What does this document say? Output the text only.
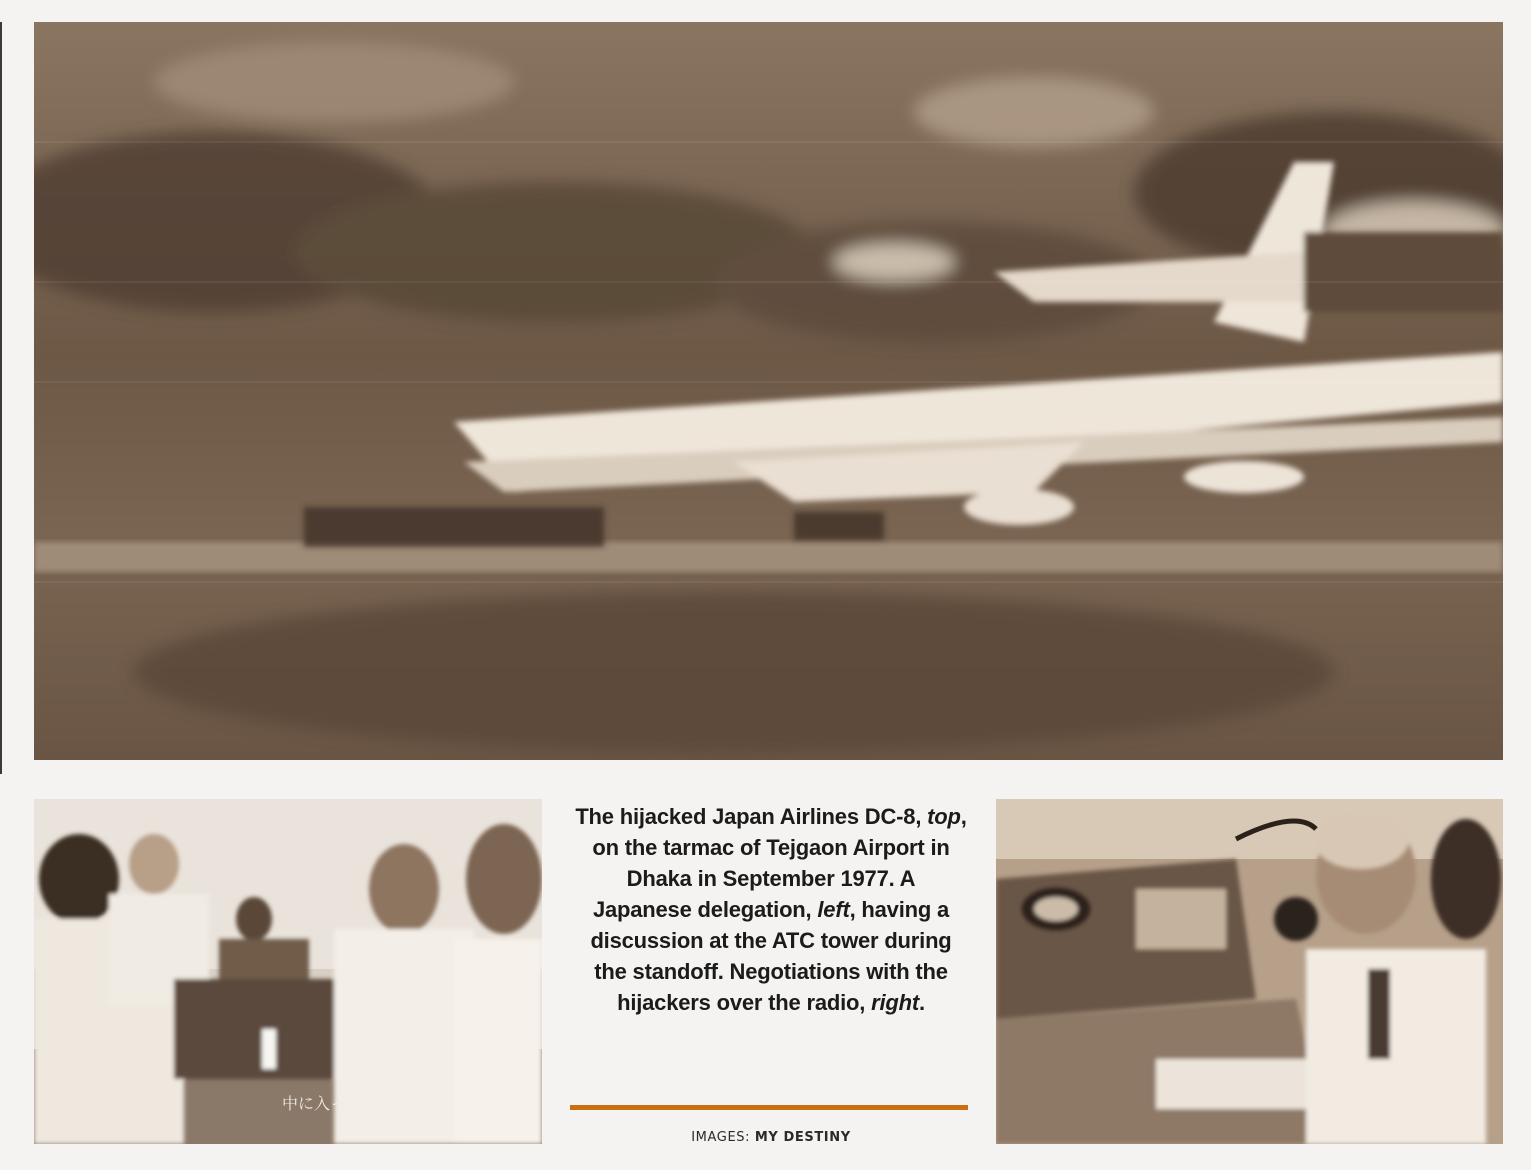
中に入って
The hijacked Japan Airlines DC-8, top,
on the tarmac of Tejgaon Airport in
Dhaka in September 1977. A
Japanese delegation, left, having a
discussion at the ATC tower during
the standoff. Negotiations with the
hijackers over the radio, right.
IMAGES: MY DESTINY
